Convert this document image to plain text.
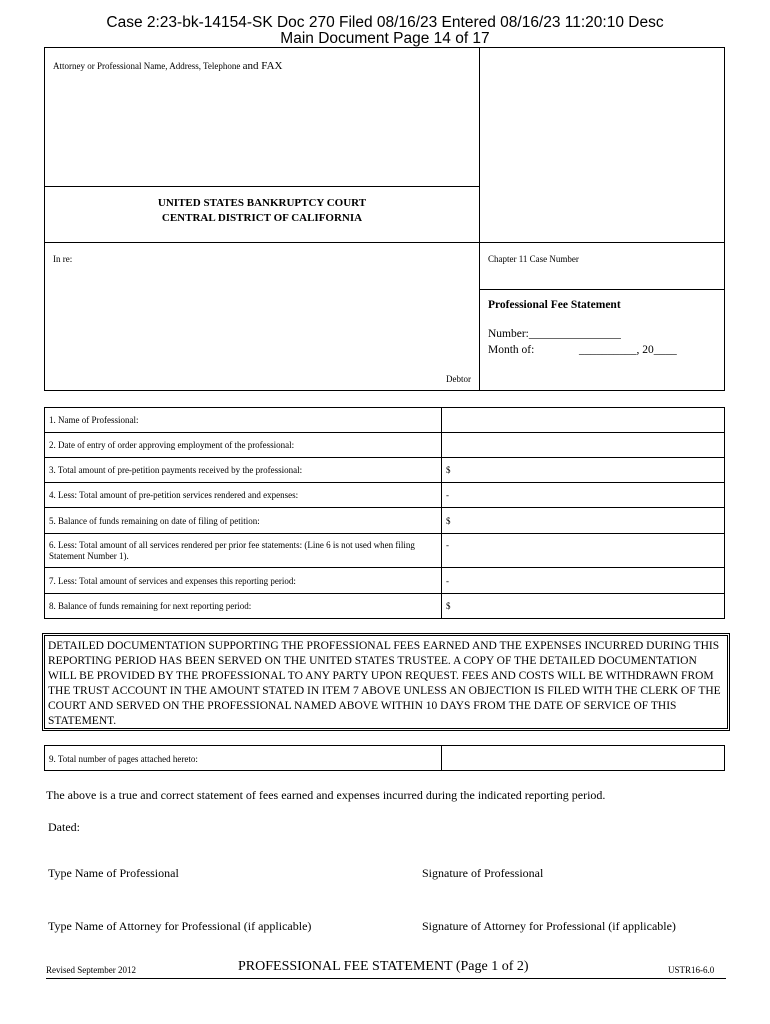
Case 2:23-bk-14154-SK Doc 270 Filed 08/16/23 Entered 08/16/23 11:20:10 Desc
Main Document Page 14 of 17
Attorney or Professional Name, Address, Telephone and FAX
UNITED STATES BANKRUPTCY COURT
CENTRAL DISTRICT OF CALIFORNIA
In re:
Debtor
Chapter 11 Case Number
Professional Fee Statement
Number:________________
Month of:	__________, 20____
1. Name of Professional:	
2. Date of entry of order approving employment of the professional:	
3. Total amount of pre-petition payments received by the professional:	$
4. Less: Total amount of pre-petition services rendered and expenses:	-
5. Balance of funds remaining on date of filing of petition:	$
6. Less: Total amount of all services rendered per prior fee statements: (Line 6 is not used when filing Statement Number 1).	-
7. Less: Total amount of services and expenses this reporting period:	-
8. Balance of funds remaining for next reporting period:	$
DETAILED DOCUMENTATION SUPPORTING THE PROFESSIONAL FEES EARNED AND THE EXPENSES INCURRED DURING THIS REPORTING PERIOD HAS BEEN SERVED ON THE UNITED STATES TRUSTEE. A COPY OF THE DETAILED DOCUMENTATION WILL BE PROVIDED BY THE PROFESSIONAL TO ANY PARTY UPON REQUEST. FEES AND COSTS WILL BE WITHDRAWN FROM THE TRUST ACCOUNT IN THE AMOUNT STATED IN ITEM 7 ABOVE UNLESS AN OBJECTION IS FILED WITH THE CLERK OF THE COURT AND SERVED ON THE PROFESSIONAL NAMED ABOVE WITHIN 10 DAYS FROM THE DATE OF SERVICE OF THIS STATEMENT.
9. Total number of pages attached hereto:
The above is a true and correct statement of fees earned and expenses incurred during the indicated reporting period.
Dated:
Type Name of Professional	Signature of Professional
Type Name of Attorney for Professional (if applicable)	Signature of Attorney for Professional (if applicable)
Revised September 2012	PROFESSIONAL FEE STATEMENT (Page 1 of 2)	USTR16-6.0
